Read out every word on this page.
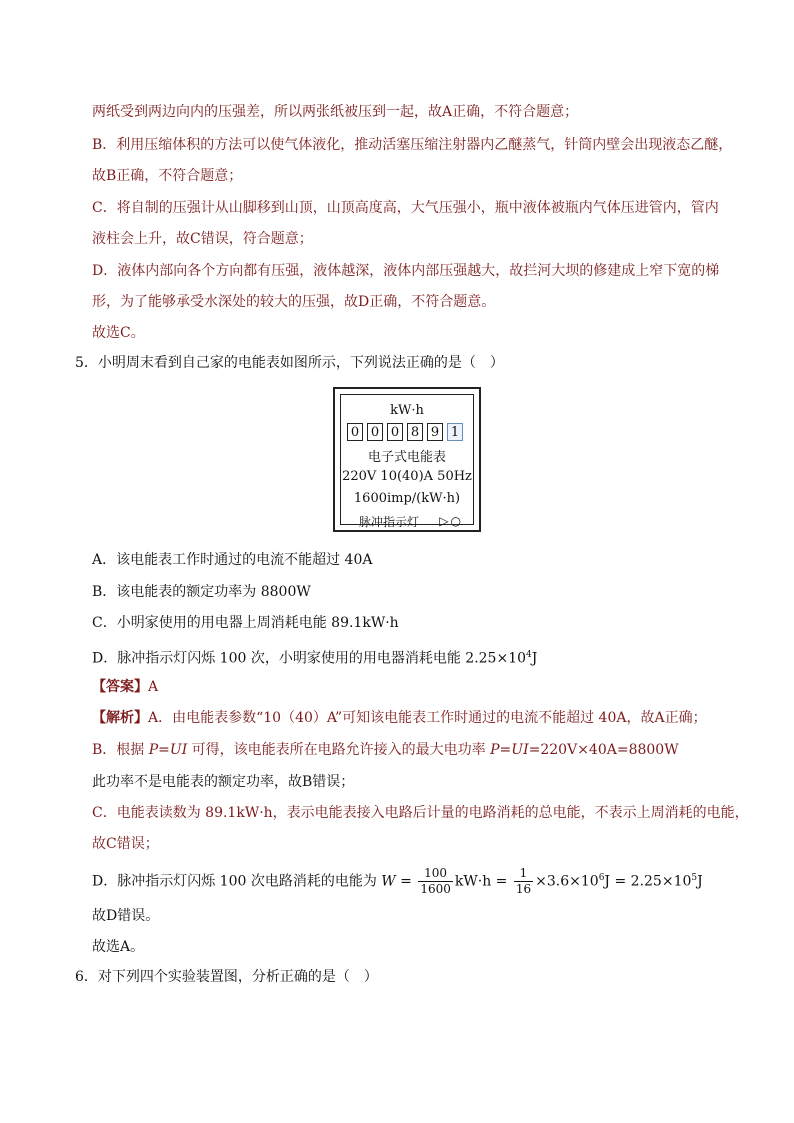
两纸受到两边向内的压强差，所以两张纸被压到一起，故A正确，不符合题意；
B．利用压缩体积的方法可以使气体液化，推动活塞压缩注射器内乙醚蒸气，针筒内壁会出现液态乙醚，
故B正确，不符合题意；
C．将自制的压强计从山脚移到山顶，山顶高度高，大气压强小，瓶中液体被瓶内气体压进管内，管内
液柱会上升，故C错误，符合题意；
D．液体内部向各个方向都有压强，液体越深，液体内部压强越大，故拦河大坝的修建成上窄下宽的梯
形，为了能够承受水深处的较大的压强，故D正确，不符合题意。
故选C。
5．小明周末看到自己家的电能表如图所示，下列说法正确的是（　）
kW·h
0 0 0 8 9 1
电子式电能表
220V 10(40)A 50Hz
1600imp/(kW·h)
脉冲指示灯 ▷○
A．该电能表工作时通过的电流不能超过 40A
B．该电能表的额定功率为 8800W
C．小明家使用的用电器上周消耗电能 89.1kW·h
D．脉冲指示灯闪烁 100 次，小明家使用的用电器消耗电能 $2.25\times 10^4J$
【答案】A
【解析】A．由电能表参数“10（40）A”可知该电能表工作时通过的电流不能超过 40A，故A正确；
B．根据 P=UI 可得，该电能表所在电路允许接入的最大电功率 P=UI=220V×40A=8800W
此功率不是电能表的额定功率，故B错误；
C．电能表读数为 89.1kW·h，表示电能表接入电路后计量的电路消耗的总电能，不表示上周消耗的电能，
故C错误；
D．脉冲指示灯闪烁 100 次电路消耗的电能为 $W = \frac{100}{1600} kW\cdot h = \frac{1}{16} \times 3.6\times 10^6J = 2.25\times 10^5J$
故D错误。
故选A。
6．对下列四个实验装置图，分析正确的是（　）
